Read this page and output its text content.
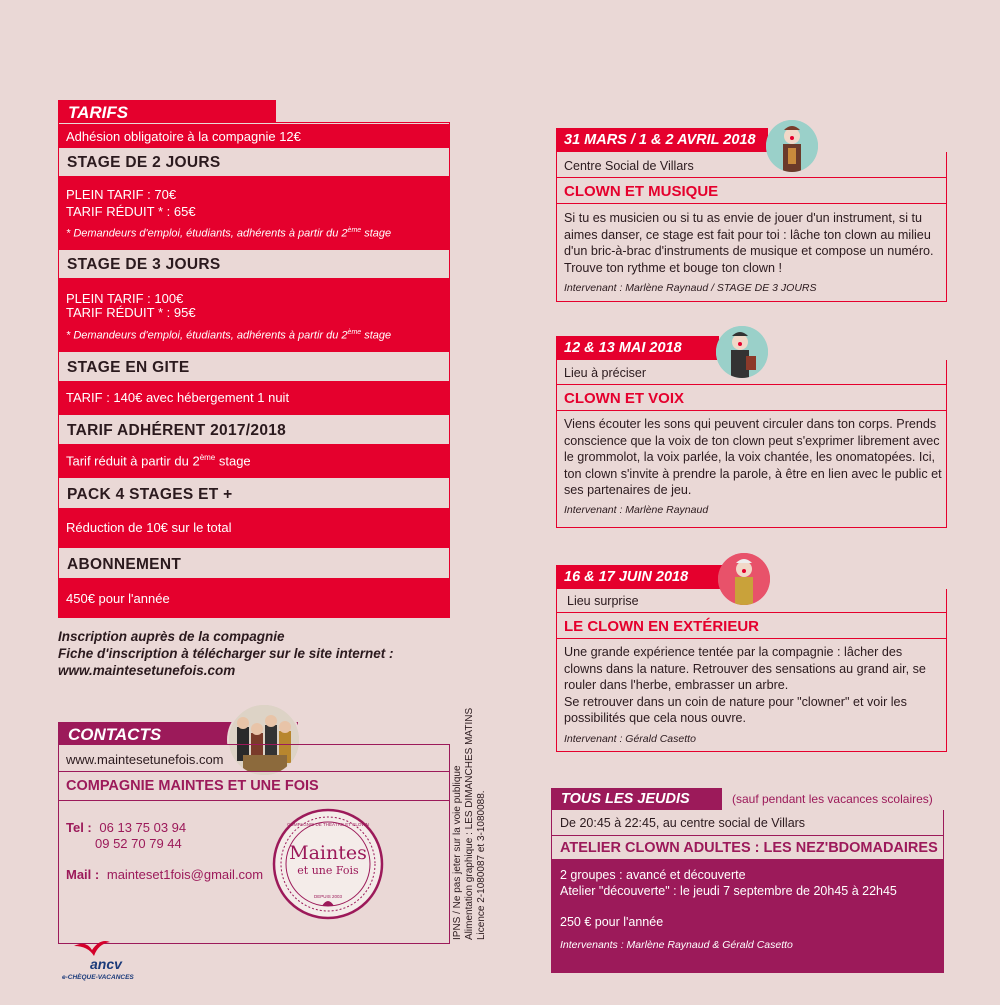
TARIFS
Adhésion obligatoire à la compagnie 12€
STAGE DE 2 JOURS
PLEIN TARIF : 70€
TARIF RÉDUIT * : 65€
* Demandeurs d'emploi, étudiants, adhérents à partir du 2ème stage
STAGE DE 3 JOURS
PLEIN TARIF : 100€
TARIF RÉDUIT * : 95€
* Demandeurs d'emploi, étudiants, adhérents à partir du 2ème stage
STAGE EN GITE
TARIF : 140€ avec hébergement 1 nuit
TARIF ADHÉRENT 2017/2018
Tarif réduit à partir du 2ème stage
PACK 4 STAGES ET +
Réduction de 10€ sur le total
ABONNEMENT
450€ pour l'année
Inscription auprès de la compagnie
Fiche d'inscription à télécharger sur le site internet :
www.maintesetunefois.com
CONTACTS
www.maintesetunefois.com
COMPAGNIE MAINTES ET UNE FOIS
Tel : 06 13 75 03 94
09 52 70 79 44
Mail : mainteset1fois@gmail.com
Maintes
et une Fois
COMPAGNIE DE THÉÂTRE ET CLOWN
DEPUIS 2003	IPNS / Ne pas jeter sur la voie publique Alimentation graphique : LES DIMANCHES MATINS Licence 2-1080087 et 3-1080088.
ancv
e-CHÈQUE-VACANCES
31 MARS / 1 & 2 AVRIL 2018
Centre Social de Villars
CLOWN ET MUSIQUE
Si tu es musicien ou si tu as envie de jouer d'un instrument, si tu aimes danser, ce stage est fait pour toi : lâche ton clown au milieu d'un bric-à-brac d'instruments de musique et compose un numéro. Trouve ton rythme et bouge ton clown !
Intervenant : Marlène Raynaud / STAGE DE 3 JOURS
12 & 13 MAI 2018
Lieu à préciser
CLOWN ET VOIX
Viens écouter les sons qui peuvent circuler dans ton corps. Prends conscience que la voix de ton clown peut s'exprimer librement avec le grommolot, la voix parlée, la voix chantée, les onomatopées. Ici, ton clown s'invite à prendre la parole, à être en lien avec le public et ses partenaires de jeu.
Intervenant : Marlène Raynaud
16 & 17 JUIN 2018
Lieu surprise
LE CLOWN EN EXTÉRIEUR
Une grande expérience tentée par la compagnie : lâcher des clowns dans la nature. Retrouver des sensations au grand air, se rouler dans l'herbe, embrasser un arbre.
Se retrouver dans un coin de nature pour "clowner" et voir les possibilités que cela nous ouvre.
Intervenant : Gérald Casetto
TOUS LES JEUDIS	(sauf pendant les vacances scolaires)
De 20:45 à 22:45, au centre social de Villars
ATELIER CLOWN ADULTES : LES NEZ'BDOMADAIRES
2 groupes : avancé et découverte
Atelier "découverte" : le jeudi 7 septembre de 20h45 à 22h45
250 € pour l'année
Intervenants : Marlène Raynaud & Gérald Casetto
